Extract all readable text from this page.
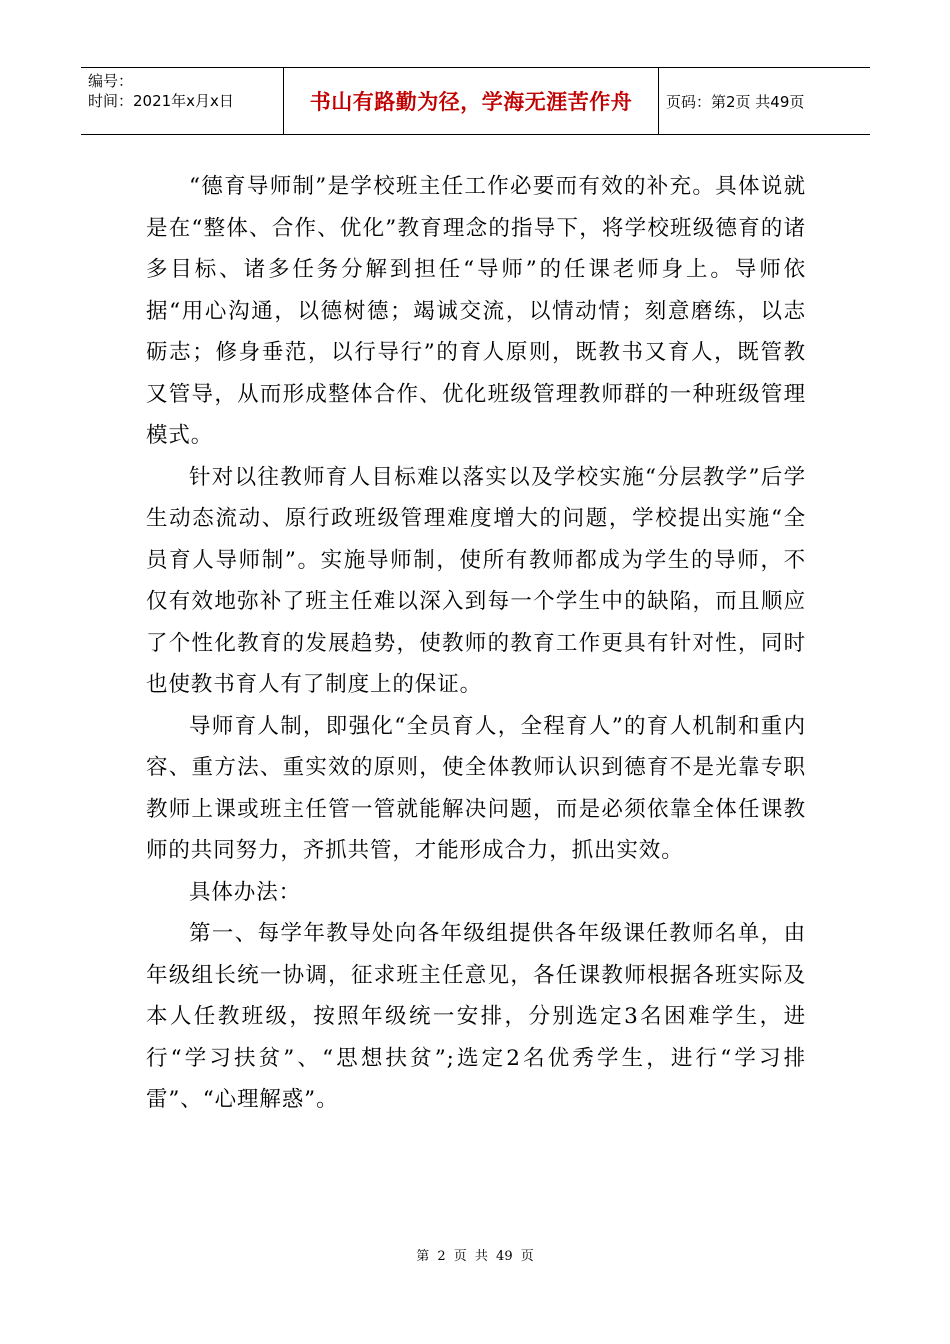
编号：
时间：2021年x月x日	书山有路勤为径，学海无涯苦作舟 页码：第2页 共49页

“德育导师制”是学校班主任工作必要而有效的补充。具体说就是在“整体、合作、优化”教育理念的指导下，将学校班级德育的诸多目标、诸多任务分解到担任“导师”的任课老师身上。导师依据“用心沟通，以德树德；竭诚交流，以情动情；刻意磨练，以志砺志；修身垂范，以行导行”的育人原则，既教书又育人，既管教又管导，从而形成整体合作、优化班级管理教师群的一种班级管理模式。

针对以往教师育人目标难以落实以及学校实施“分层教学”后学生动态流动、原行政班级管理难度增大的问题，学校提出实施“全员育人导师制”。实施导师制，使所有教师都成为学生的导师，不仅有效地弥补了班主任难以深入到每一个学生中的缺陷，而且顺应了个性化教育的发展趋势，使教师的教育工作更具有针对性，同时也使教书育人有了制度上的保证。

导师育人制，即强化“全员育人，全程育人”的育人机制和重内容、重方法、重实效的原则，使全体教师认识到德育不是光靠专职教师上课或班主任管一管就能解决问题，而是必须依靠全体任课教师的共同努力，齐抓共管，才能形成合力，抓出实效。

具体办法：

第一、每学年教导处向各年级组提供各年级课任教师名单，由年级组长统一协调，征求班主任意见，各任课教师根据各班实际及本人任教班级，按照年级统一安排，分别选定3名困难学生，进行“学习扶贫”、“思想扶贫”;选定2名优秀学生，进行“学习排雷”、“心理解惑”。

第 2 页 共 49 页
